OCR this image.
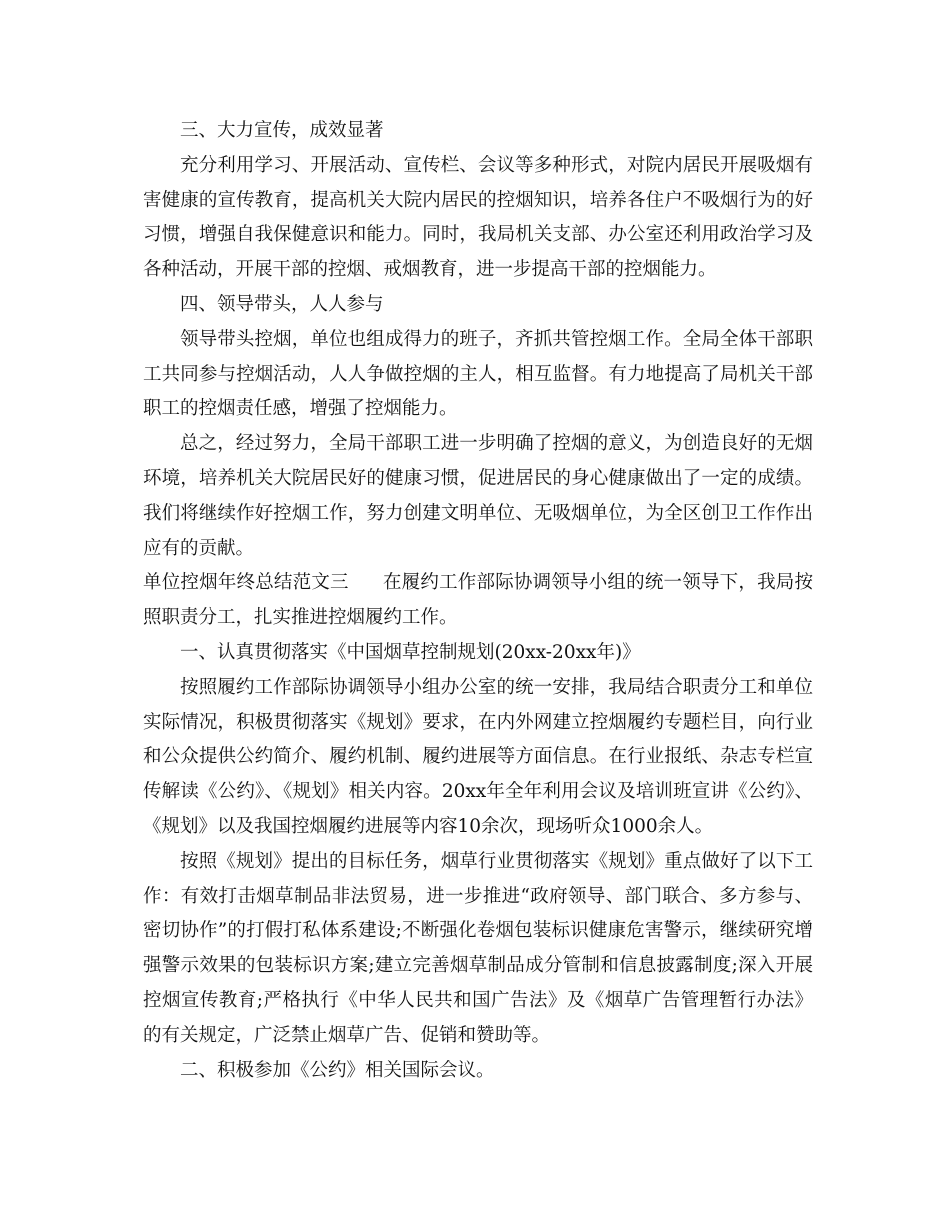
三、大力宣传，成效显著

充分利用学习、开展活动、宣传栏、会议等多种形式，对院内居民开展吸烟有害健康的宣传教育，提高机关大院内居民的控烟知识，培养各住户不吸烟行为的好习惯，增强自我保健意识和能力。同时，我局机关支部、办公室还利用政治学习及各种活动，开展干部的控烟、戒烟教育，进一步提高干部的控烟能力。

四、领导带头，人人参与

领导带头控烟，单位也组成得力的班子，齐抓共管控烟工作。全局全体干部职工共同参与控烟活动，人人争做控烟的主人，相互监督。有力地提高了局机关干部职工的控烟责任感，增强了控烟能力。

总之，经过努力，全局干部职工进一步明确了控烟的意义，为创造良好的无烟环境，培养机关大院居民好的健康习惯，促进居民的身心健康做出了一定的成绩。我们将继续作好控烟工作，努力创建文明单位、无吸烟单位，为全区创卫工作作出应有的贡献。

单位控烟年终总结范文三 在履约工作部际协调领导小组的统一领导下，我局按照职责分工，扎实推进控烟履约工作。

一、认真贯彻落实《中国烟草控制规划(20xx-20xx年)》

按照履约工作部际协调领导小组办公室的统一安排，我局结合职责分工和单位实际情况，积极贯彻落实《规划》要求，在内外网建立控烟履约专题栏目，向行业和公众提供公约简介、履约机制、履约进展等方面信息。在行业报纸、杂志专栏宣传解读《公约》、《规划》相关内容。20xx年全年利用会议及培训班宣讲《公约》、《规划》以及我国控烟履约进展等内容10余次，现场听众1000余人。

按照《规划》提出的目标任务，烟草行业贯彻落实《规划》重点做好了以下工作：有效打击烟草制品非法贸易，进一步推进“政府领导、部门联合、多方参与、密切协作”的打假打私体系建设;不断强化卷烟包装标识健康危害警示，继续研究增强警示效果的包装标识方案;建立完善烟草制品成分管制和信息披露制度;深入开展控烟宣传教育;严格执行《中华人民共和国广告法》及《烟草广告管理暂行办法》的有关规定，广泛禁止烟草广告、促销和赞助等。

二、积极参加《公约》相关国际会议。
